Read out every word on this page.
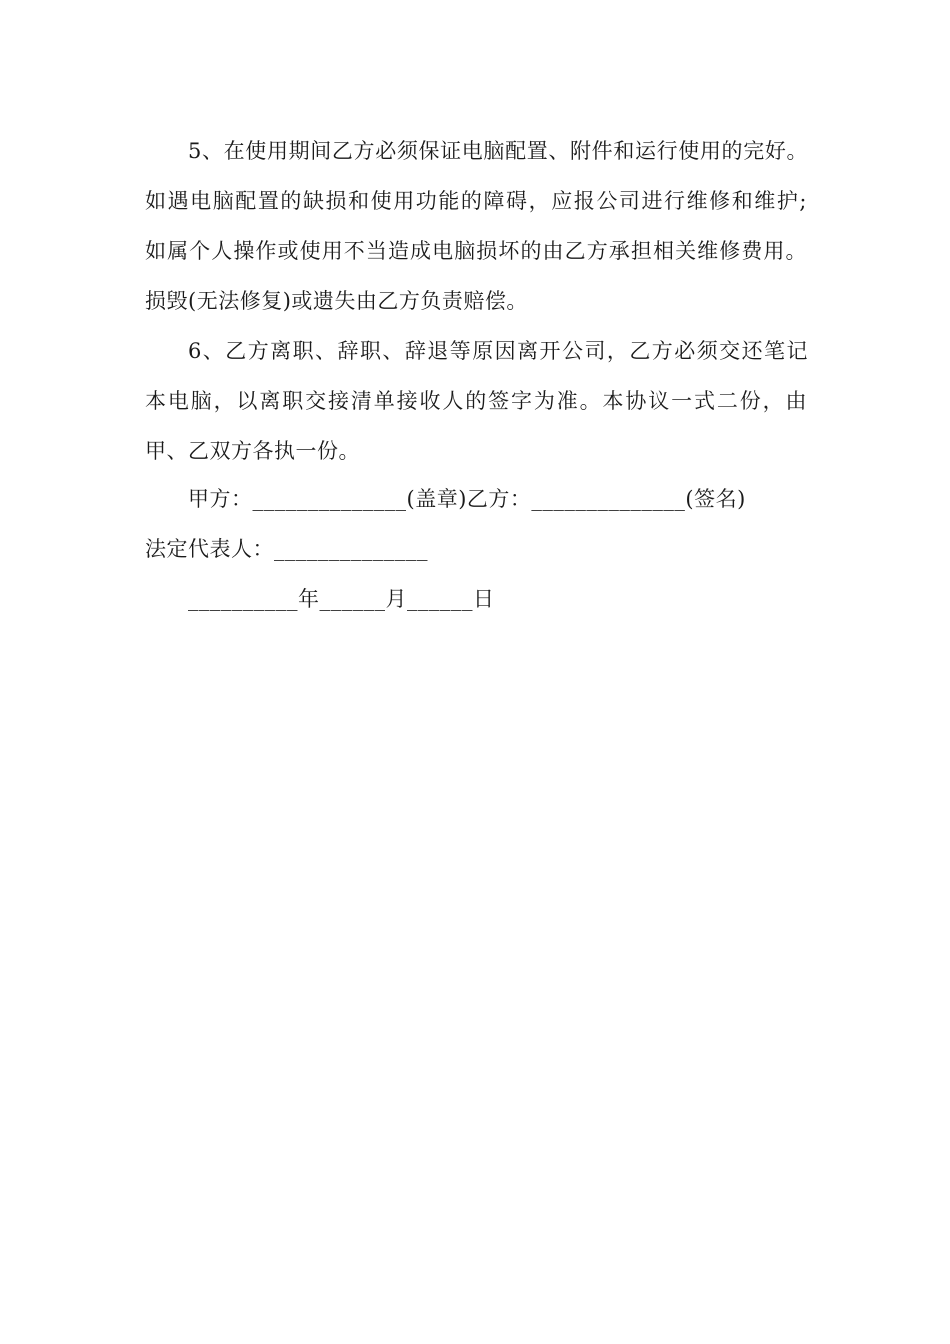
5、在使用期间乙方必须保证电脑配置、附件和运行使用的完好。
如遇电脑配置的缺损和使用功能的障碍，应报公司进行维修和维护;
如属个人操作或使用不当造成电脑损坏的由乙方承担相关维修费用。
损毁(无法修复)或遗失由乙方负责赔偿。
6、乙方离职、辞职、辞退等原因离开公司，乙方必须交还笔记
本电脑，以离职交接清单接收人的签字为准。本协议一式二份，由
甲、乙双方各执一份。
甲方：______________(盖章)乙方：______________(签名)
法定代表人：______________
__________年______月______日
